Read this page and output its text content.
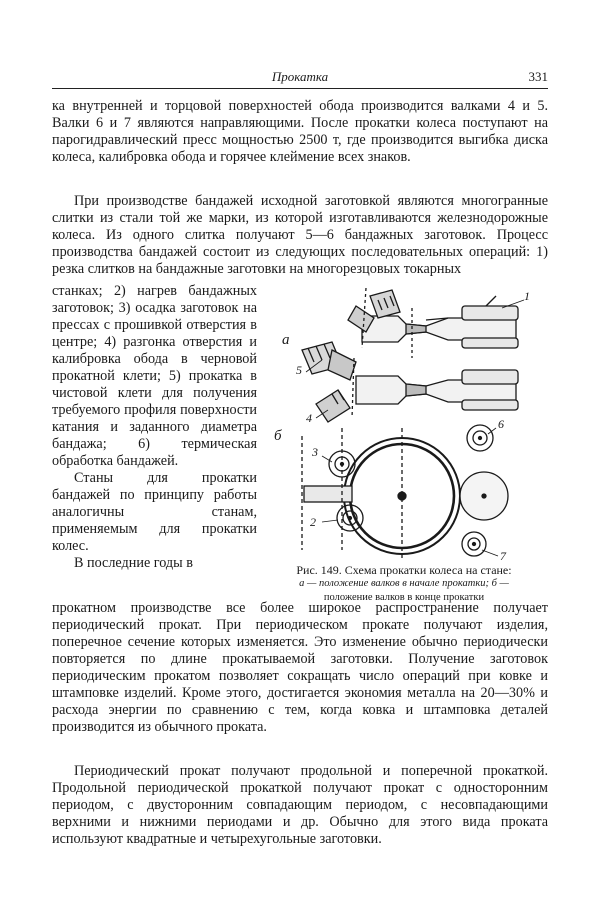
Прокатка	331

ка внутренней и торцовой поверхностей обода производится валками 4 и 5. Валки 6 и 7 являются направляющими. После прокатки колеса поступают на парогидравлический пресс мощностью 2500 т, где производится выгибка диска колеса, калибровка обода и горячее клеймение всех знаков.

При производстве бандажей исходной заготовкой являются многогранные слитки из стали той же марки, из которой изготавливаются железнодорожные колеса. Из одного слитка получают 5—6 бандажных заготовок. Процесс производства бандажей состоит из следующих последовательных операций: 1) резка слитков на бандажные заготовки на многорезцовых токарных

станках; 2) нагрев бандажных заготовок; 3) осадка заготовок на прессах с прошивкой отверстия в центре; 4) разгонка отверстия и калибровка обода в черновой прокатной клети; 5) прокатка в чистовой клети для получения требуемого профиля поверхности катания и заданного диаметра бандажа; 6) термическая обработка бандажей.

Станы для прокатки бандажей по принципу работы аналогичны станам, применяемым для прокатки колес.

В последние годы в

а
б
1
2
3
4
5
6
7
Рис. 149. Схема прокатки колеса на стане:
а — положение валков в начале прокатки; б —
положение валков в конце прокатки

прокатном производстве все более широкое распространение получает периодический прокат. При периодическом прокате получают изделия, поперечное сечение которых изменяется. Это изменение обычно периодически повторяется по длине прокатываемой заготовки. Получение заготовок периодическим прокатом позволяет сокращать число операций при ковке и штамповке изделий. Кроме этого, достигается экономия металла на 20—30% и расхода энергии по сравнению с тем, когда ковка и штамповка деталей производится из обычного проката.

Периодический прокат получают продольной и поперечной прокаткой. Продольной периодической прокаткой получают прокат с односторонним периодом, с двусторонним совпадающим периодом, с несовпадающими верхними и нижними периодами и др. Обычно для этого вида проката используют квадратные и четырехугольные заготовки.
